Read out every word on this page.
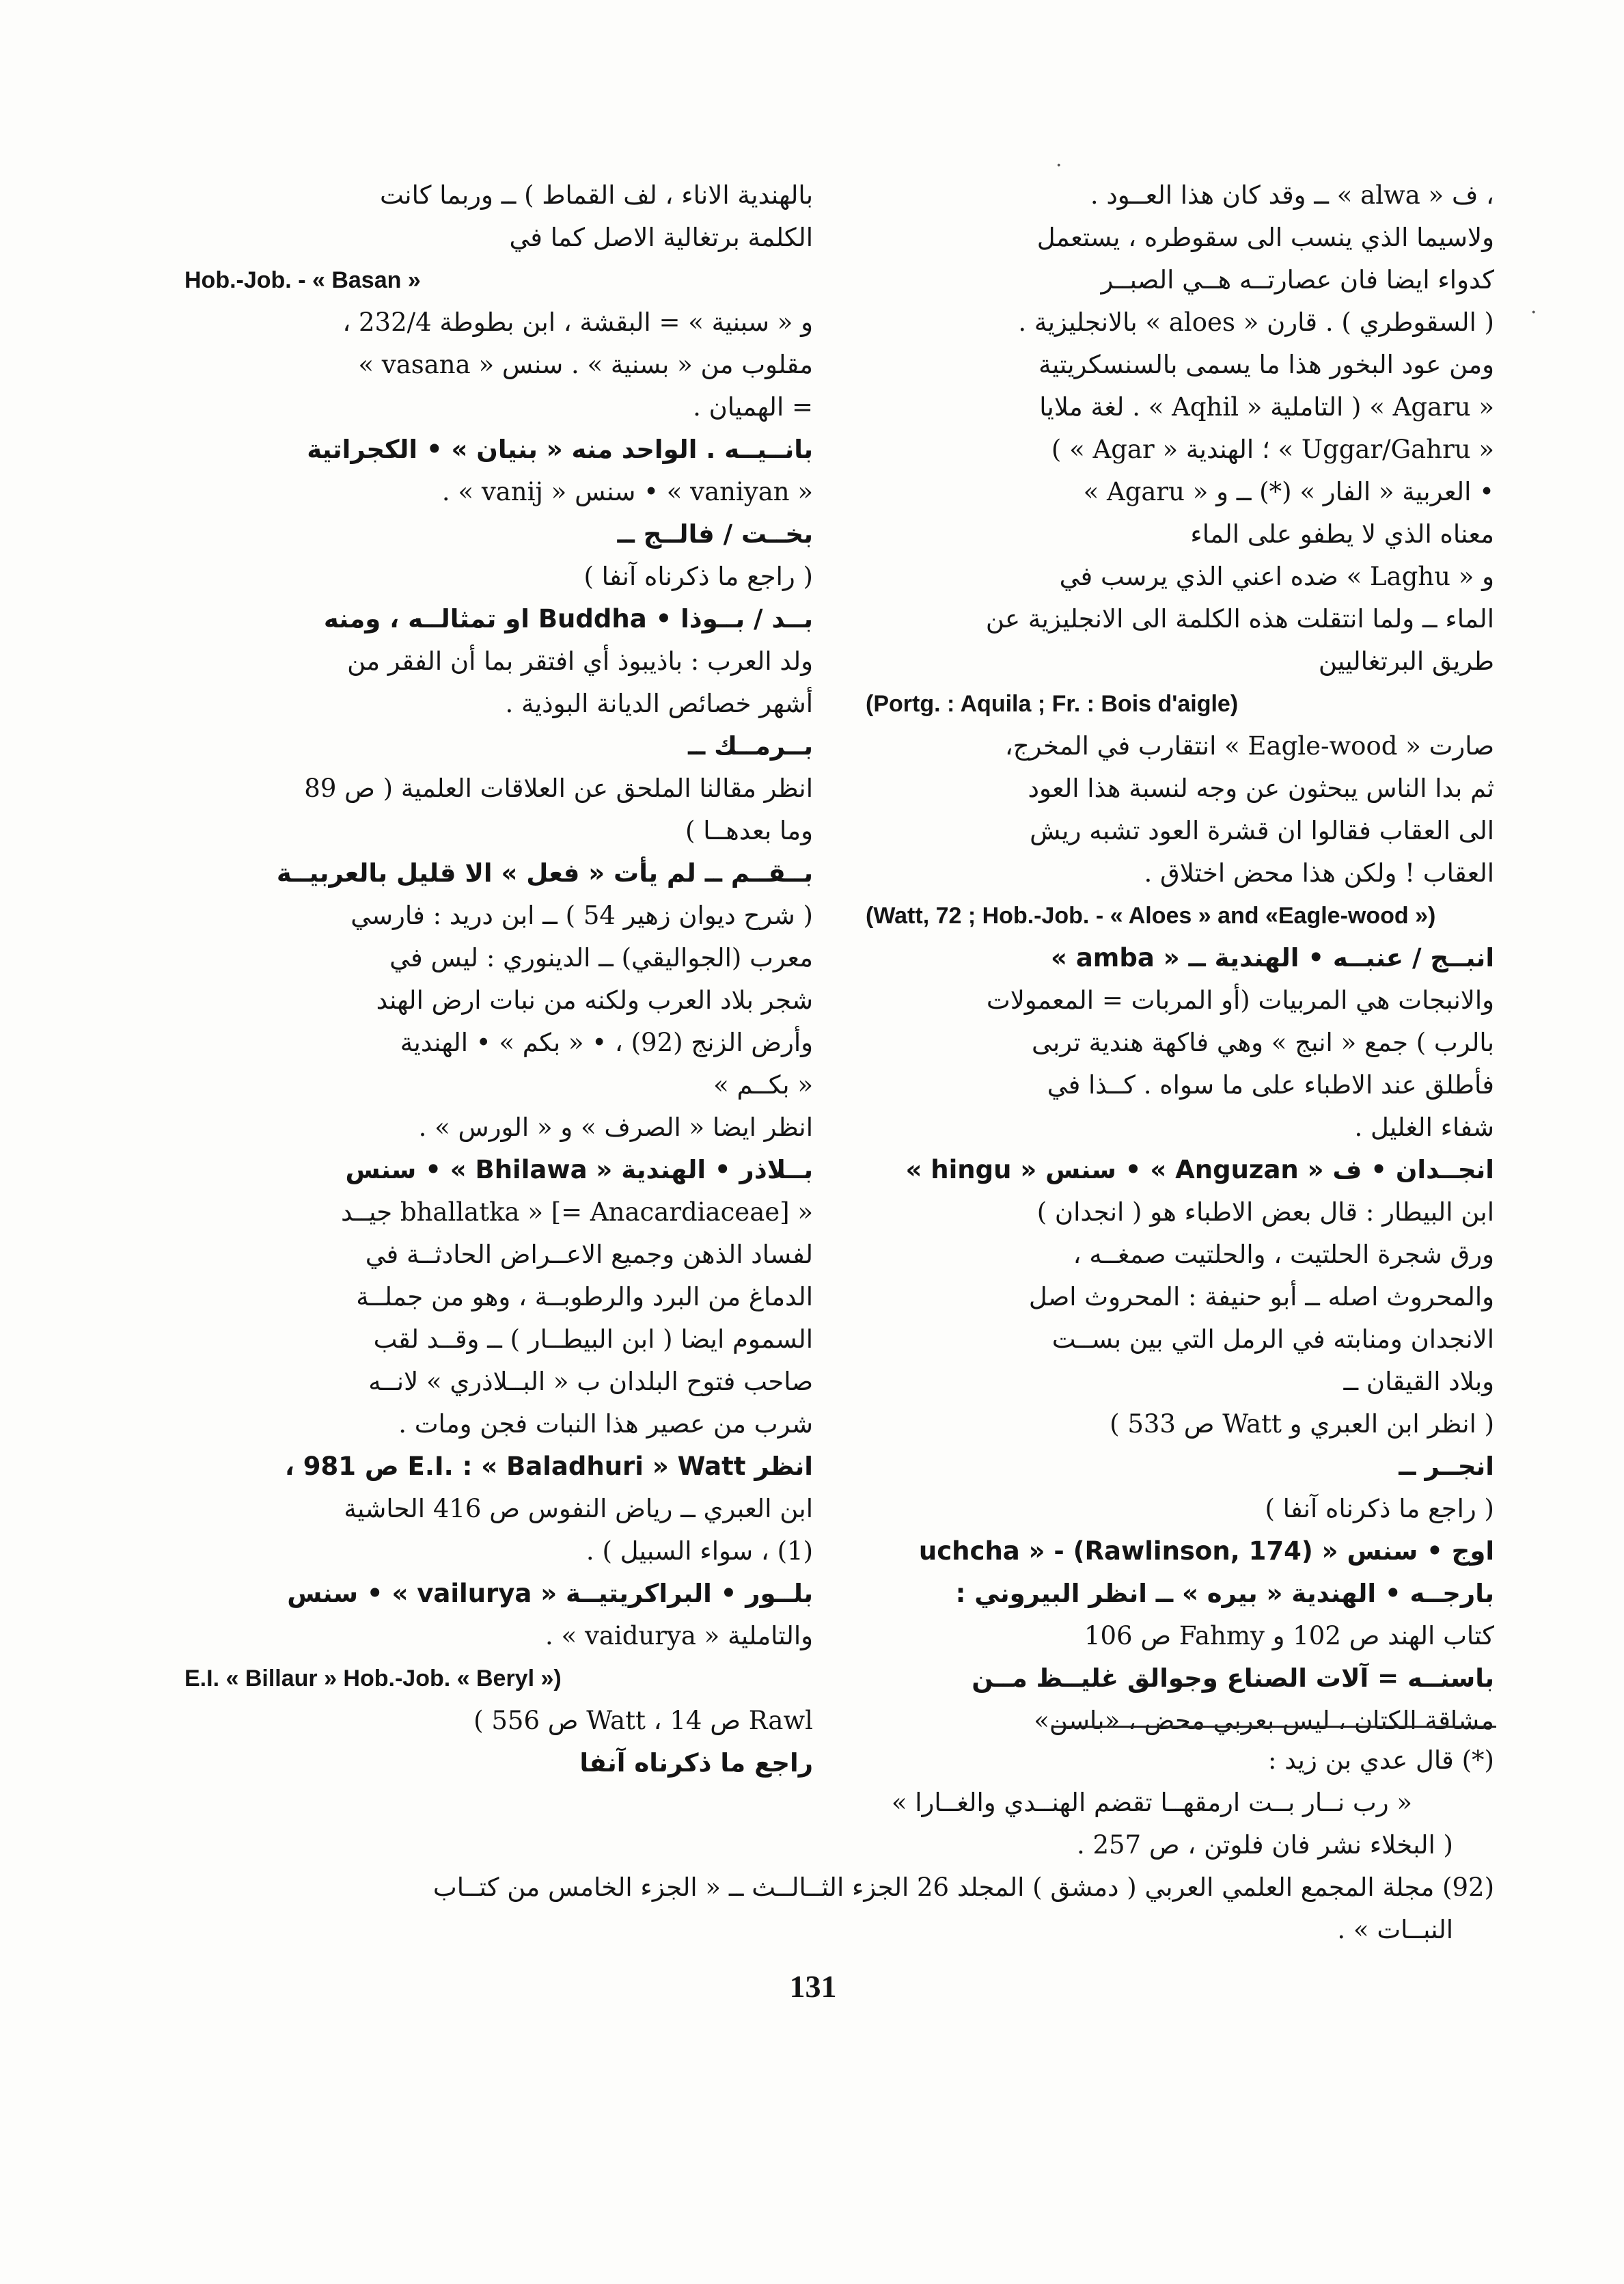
·
·
، ف « alwa » ــ وقد كان هذا العــود .
ولاسيما الذي ينسب الى سقوطره ، يستعمل
كدواء ايضا فان عصارتــه هــي الصبــر
( السقوطري ) . قارن « aloes » بالانجليزية .
ومن عود البخور هذا ما يسمى بالسنسكريتية
« Agaru » ( التاملية « Aqhil » . لغة ملايا
« Uggar/Gahru » ؛ الهندية « Agar » )
• العربية « الفار » (*) ــ و « Agaru »
معناه الذي لا يطفو على الماء
و « Laghu » ضده اعني الذي يرسب في
الماء ــ ولما انتقلت هذه الكلمة الى الانجليزية عن
طريق البرتغاليين
(Portg. : Aquila ; Fr. : Bois d'aigle)
صارت « Eagle-wood » انتقارب في المخرج،
ثم بدا الناس يبحثون عن وجه لنسبة هذا العود
الى العقاب فقالوا ان قشرة العود تشبه ريش
العقاب ! ولكن هذا محض اختلاق .
(Watt, 72 ; Hob.-Job. - « Aloes » and «Eagle-wood »)
انبــج / عنبــه • الهندية ــ « amba »
والانبجات هي المربيات (أو المربات = المعمولات
بالرب ) جمع « انبج » وهي فاكهة هندية تربى
فأطلق عند الاطباء على ما سواه . كــذا في
شفاء الغليل .
انجــدان • ف « Anguzan » • سنس « hingu »
ابن البيطار : قال بعض الاطباء هو ( انجدان )
ورق شجرة الحلتيت ، والحلتيت صمغــه ،
والمحروث اصله ــ أبو حنيفة : المحروث اصل
الانجدان ومنابته في الرمل التي بين بســت
وبلاد القيقان ــ
( انظر ابن العبري و Watt ص 533 )
انجــر ــ
( راجع ما ذكرناه آنفا )
اوج • سنس « uchcha » - (Rawlinson, 174)
بارجــه • الهندية « بيره » ــ انظر البيروني :
كتاب الهند ص 102 و Fahmy ص 106
باسنــه = آلات الصناع وجوالق غليــظ مــن
مشاقة الكتان ، ليس بعربي محض ، «باسن»
بالهندية الاناء ، لف القماط ) ــ وربما كانت
الكلمة برتغالية الاصل كما في
Hob.-Job. - « Basan »
و « سبنية » = البقشة ، ابن بطوطة 232/4 ،
مقلوب من « بسنية » . سنس « vasana »
= الهميان .
بانــيــه . الواحد منه « بنيان » • الكجراتية
« vaniyan » • سنس « vanij » .
بخــت / فالــج ــ
( راجع ما ذكرناه آنفا )
بــد / بــوذا • Buddha او تمثالــه ، ومنه
ولد العرب : باذيبوذ أي افتقر بما أن الفقر من
أشهر خصائص الديانة البوذية .
بــرمــك ــ
انظر مقالنا الملحق عن العلاقات العلمية ( ص 89
وما بعدهــا )
بــقــم ــ لم يأت « فعل » الا قليل بالعربيــة
( شرح ديوان زهير 54 ) ــ ابن دريد : فارسي
معرب (الجواليقي) ــ الدينوري : ليس في
شجر بلاد العرب ولكنه من نبات ارض الهند
وأرض الزنج (92) ، • « بكم » • الهندية
« بكــم »
انظر ايضا « الصرف » و « الورس » .
بــلاذر • الهندية « Bhilawa » • سنس
« bhallatka » [= Anacardiaceae] جيــد
لفساد الذهن وجميع الاعــراض الحادثــة في
الدماغ من البرد والرطوبــة ، وهو من جملــة
السموم ايضا ( ابن البيطــار ) ــ وقــد لقب
صاحب فتوح البلدان ب « البــلاذري » لانــه
شرب من عصير هذا النبات فجن ومات .
انظر E.I. : « Baladhuri » Watt ص 981 ،
ابن العبري ــ رياض النفوس ص 416 الحاشية
(1) ، سواء السبيل ) .
بلــور • البراكريتيــة « vailurya » • سنس
والتاملية « vaidurya » .
E.I. « Billaur » Hob.-Job. « Beryl »)
Rawl ص 14 ، Watt ص 556 )
راجع ما ذكرناه آنفا	(*) قال عدي بن زيد :
« رب نــار بــت ارمقهــا تقضم الهنــدي والغــارا »
( البخلاء نشر فان فلوتن ، ص 257 .
(92) مجلة المجمع العلمي العربي ( دمشق ) المجلد 26 الجزء الثــالــث ــ « الجزء الخامس من كتــاب
النبــات » .
131
